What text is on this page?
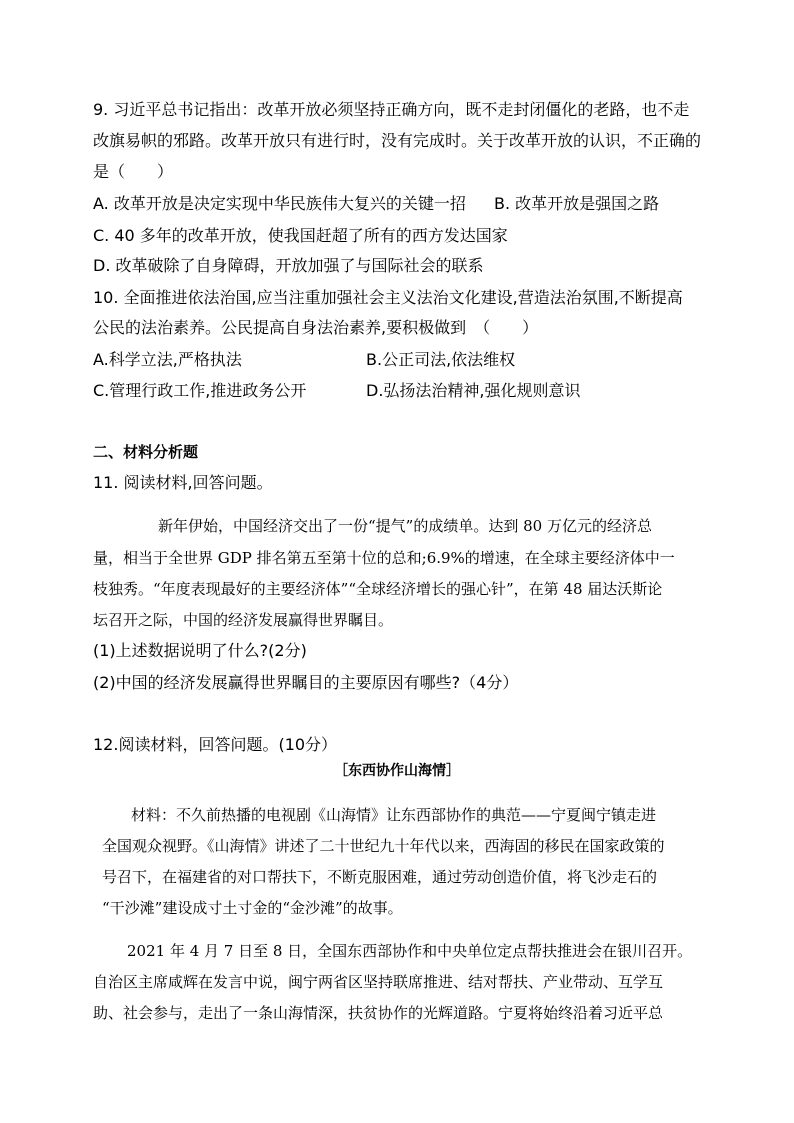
9. 习近平总书记指出：改革开放必须坚持正确方向，既不走封闭僵化的老路，也不走
改旗易帜的邪路。改革开放只有进行时，没有完成时。关于改革开放的认识，不正确的
是（　　）
A. 改革开放是决定实现中华民族伟大复兴的关键一招 B. 改革开放是强国之路
C. 40 多年的改革开放，使我国赶超了所有的西方发达国家
D. 改革破除了自身障碍，开放加强了与国际社会的联系
10. 全面推进依法治国,应当注重加强社会主义法治文化建设,营造法治氛围,不断提高
公民的法治素养。公民提高自身法治素养,要积极做到　（　　）
A.科学立法,严格执法	B.公正司法,依法维权
C.管理行政工作,推进政务公开	D.弘扬法治精神,强化规则意识
二、材料分析题
11. 阅读材料,回答问题。
新年伊始，中国经济交出了一份“提气”的成绩单。达到 80 万亿元的经济总
量，相当于全世界 GDP 排名第五至第十位的总和;6.9%的增速，在全球主要经济体中一
枝独秀。“年度表现最好的主要经济体”“全球经济增长的强心针”，在第 48 届达沃斯论
坛召开之际，中国的经济发展赢得世界瞩目。
(1)上述数据说明了什么?(2分)
(2)中国的经济发展赢得世界瞩目的主要原因有哪些?（4分）
12.阅读材料，回答问题。(10分）
［东西协作山海情］
材料：不久前热播的电视剧《山海情》让东西部协作的典范——宁夏闽宁镇走进
全国观众视野。《山海情》讲述了二十世纪九十年代以来，西海固的移民在国家政策的
号召下，在福建省的对口帮扶下，不断克服困难，通过劳动创造价值，将飞沙走石的
“干沙滩”建设成寸土寸金的“金沙滩”的故事。
2021 年 4 月 7 日至 8 日，全国东西部协作和中央单位定点帮扶推进会在银川召开。
自治区主席咸辉在发言中说，闽宁两省区坚持联席推进、结对帮扶、产业带动、互学互
助、社会参与，走出了一条山海情深，扶贫协作的光辉道路。宁夏将始终沿着习近平总
